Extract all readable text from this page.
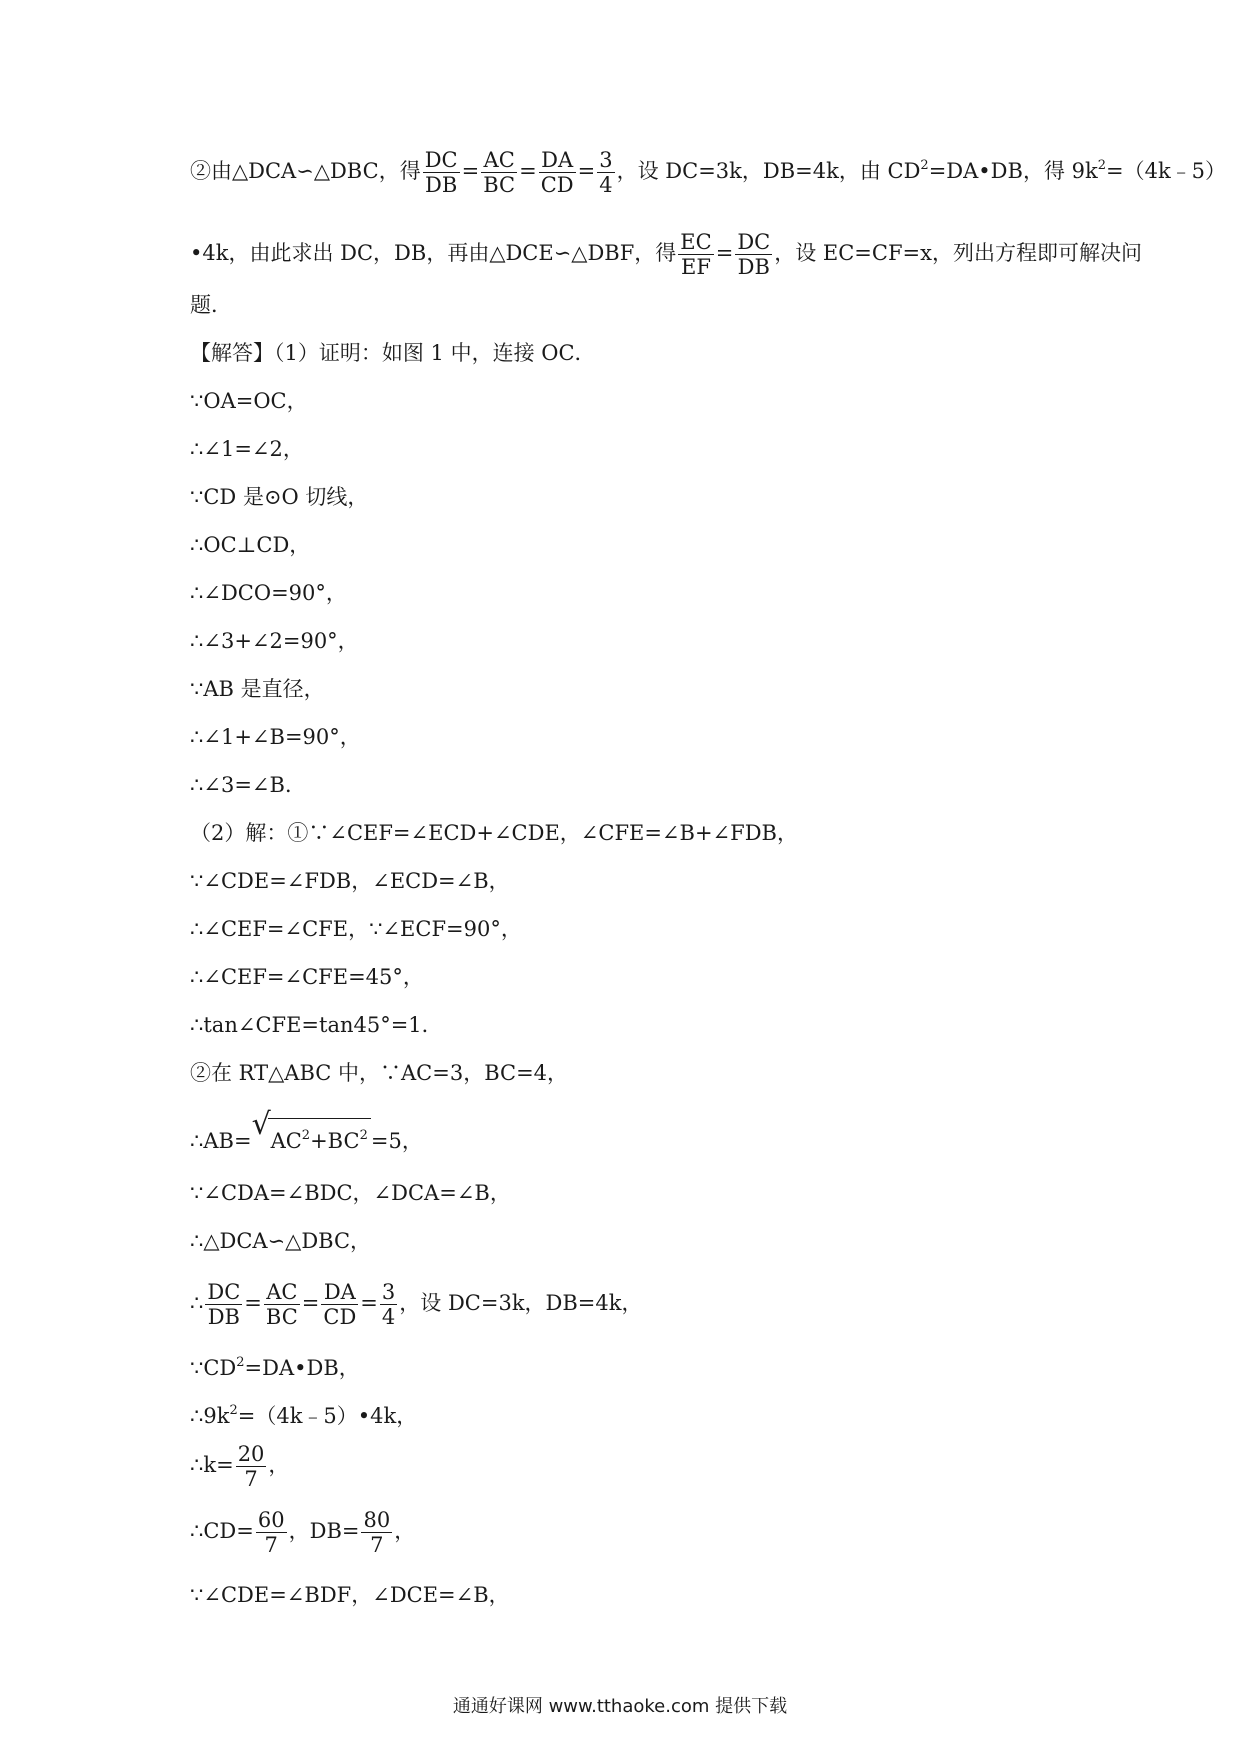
②由△DCA∽△DBC，得 $\frac{DC}{DB} = \frac{AC}{BC} = \frac{DA}{CD} = \frac{3}{4}$ ，设 DC=3k，DB=4k，由 $CD^2=DA•DB$，得 $9k^2=(4k﹣5)$
•4k，由此求出 DC，DB，再由△DCE∽△DBF，得 $\frac{EC}{EF} = \frac{DC}{DB}$ ，设 EC=CF=x，列出方程即可解决问
题．
【解答】（1）证明：如图 1 中，连接 OC．
∵OA=OC，
∴∠1=∠2，
∵CD 是⊙O 切线，
∴OC⊥CD，
∴∠DCO=90°，
∴∠3+∠2=90°，
∵AB 是直径，
∴∠1+∠B=90°，
∴∠3=∠B．
（2）解：①∵∠CEF=∠ECD+∠CDE，∠CFE=∠B+∠FDB，
∵∠CDE=∠FDB，∠ECD=∠B，
∴∠CEF=∠CFE，∵∠ECF=90°，
∴∠CEF=∠CFE=45°，
∴tan∠CFE=tan45°=1．
②在 RT△ABC 中，∵AC=3，BC=4，
∴AB= √ $AC^2+BC^2 =5$，
∵∠CDA=∠BDC，∠DCA=∠B，
∴△DCA∽△DBC，
∴ $\frac{DC}{DB} = \frac{AC}{BC} = \frac{DA}{CD} = \frac{3}{4}$ ，设 DC=3k，DB=4k，
$\because CD^2=DA•DB$，
$\therefore 9k^2=(4k﹣5)•4k$，
∴k= $\frac{20}{7}$ ，
∴CD= $\frac{60}{7}$ ，$DB= \frac{80}{7}$ ，
∵∠CDE=∠BDF，∠DCE=∠B，
通通好课网 www.tthaoke.com 提供下载
